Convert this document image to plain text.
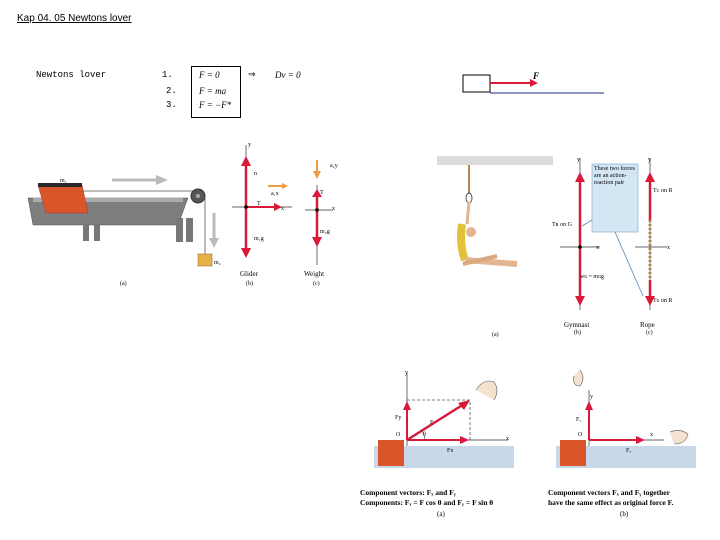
Kap 04. 05 Newtons lover
Newtons lover	1.
2.
3.
F = 0
F = ma
F = −F*
⇒ Dv = 0	F
m₁
m₂
(a)
y
x
n
a₁x
T
m₁g
Glider
(b)
a₂y
T
x
m₂g
Weight
(c)
(a)
y	y
x	x
These two forces are an action-reaction pair
Tʀ on G
wɢ = mɢg
Tᴄ on R
Tɢ on R
Gymnast	Rope
(b)	(c)
y
x
O
Fу
Fx
F
θ
Component vectors: Fₓ and Fᵧ
Components: Fₓ = F cos θ and Fᵧ = F sin θ
(a)
y
x
O
Fᵧ
Fₓ
Component vectors Fₓ and Fᵧ together
have the same effect as original force F.
(b)
